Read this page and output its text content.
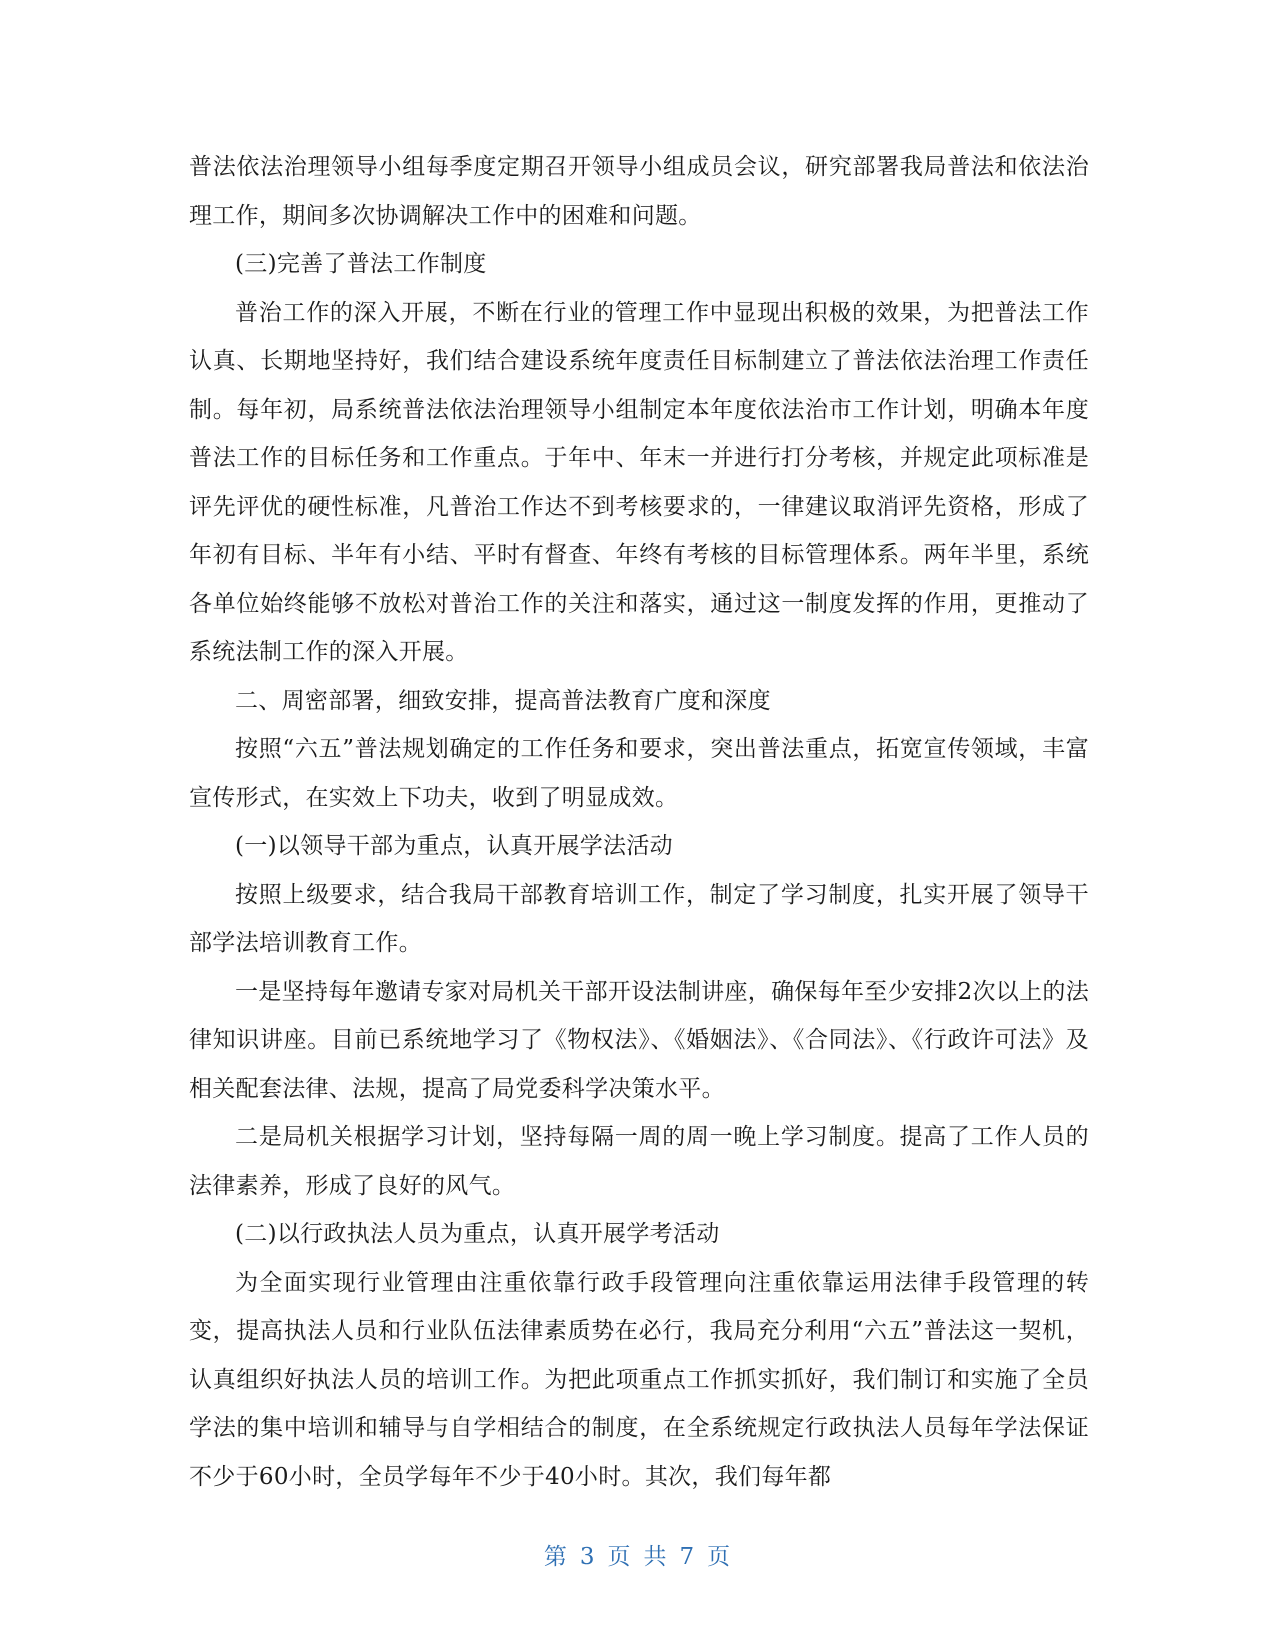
普法依法治理领导小组每季度定期召开领导小组成员会议，研究部署我局普法和依法治理工作，期间多次协调解决工作中的困难和问题。

(三)完善了普法工作制度

普治工作的深入开展，不断在行业的管理工作中显现出积极的效果，为把普法工作认真、长期地坚持好，我们结合建设系统年度责任目标制建立了普法依法治理工作责任制。每年初，局系统普法依法治理领导小组制定本年度依法治市工作计划，明确本年度普法工作的目标任务和工作重点。于年中、年末一并进行打分考核，并规定此项标准是评先评优的硬性标准，凡普治工作达不到考核要求的，一律建议取消评先资格，形成了年初有目标、半年有小结、平时有督查、年终有考核的目标管理体系。两年半里，系统各单位始终能够不放松对普治工作的关注和落实，通过这一制度发挥的作用，更推动了系统法制工作的深入开展。

二、周密部署，细致安排，提高普法教育广度和深度

按照“六五”普法规划确定的工作任务和要求，突出普法重点，拓宽宣传领域，丰富宣传形式，在实效上下功夫，收到了明显成效。

(一)以领导干部为重点，认真开展学法活动

按照上级要求，结合我局干部教育培训工作，制定了学习制度，扎实开展了领导干部学法培训教育工作。

一是坚持每年邀请专家对局机关干部开设法制讲座，确保每年至少安排2次以上的法律知识讲座。目前已系统地学习了《物权法》、《婚姻法》、《合同法》、《行政许可法》及相关配套法律、法规，提高了局党委科学决策水平。

二是局机关根据学习计划，坚持每隔一周的周一晚上学习制度。提高了工作人员的法律素养，形成了良好的风气。

(二)以行政执法人员为重点，认真开展学考活动

为全面实现行业管理由注重依靠行政手段管理向注重依靠运用法律手段管理的转变，提高执法人员和行业队伍法律素质势在必行，我局充分利用“六五”普法这一契机，认真组织好执法人员的培训工作。为把此项重点工作抓实抓好，我们制订和实施了全员学法的集中培训和辅导与自学相结合的制度，在全系统规定行政执法人员每年学法保证不少于60小时，全员学每年不少于40小时。其次，我们每年都

第 3 页 共 7 页
